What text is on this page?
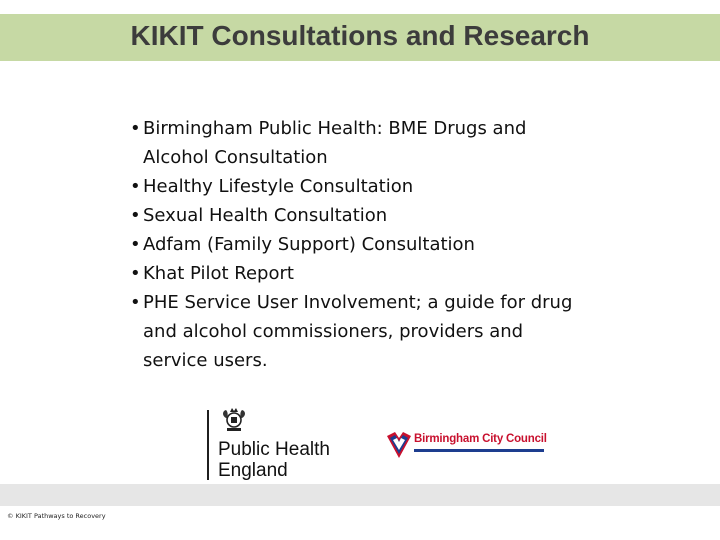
KIKIT Consultations and Research
• Birmingham Public Health: BME Drugs and Alcohol Consultation
• Healthy Lifestyle Consultation
• Sexual Health Consultation
• Adfam (Family Support) Consultation
• Khat Pilot Report
• PHE Service User Involvement; a guide for drug and alcohol commissioners, providers and service users.
Public Health
England
Birmingham City Council
© KIKIT Pathways to Recovery
